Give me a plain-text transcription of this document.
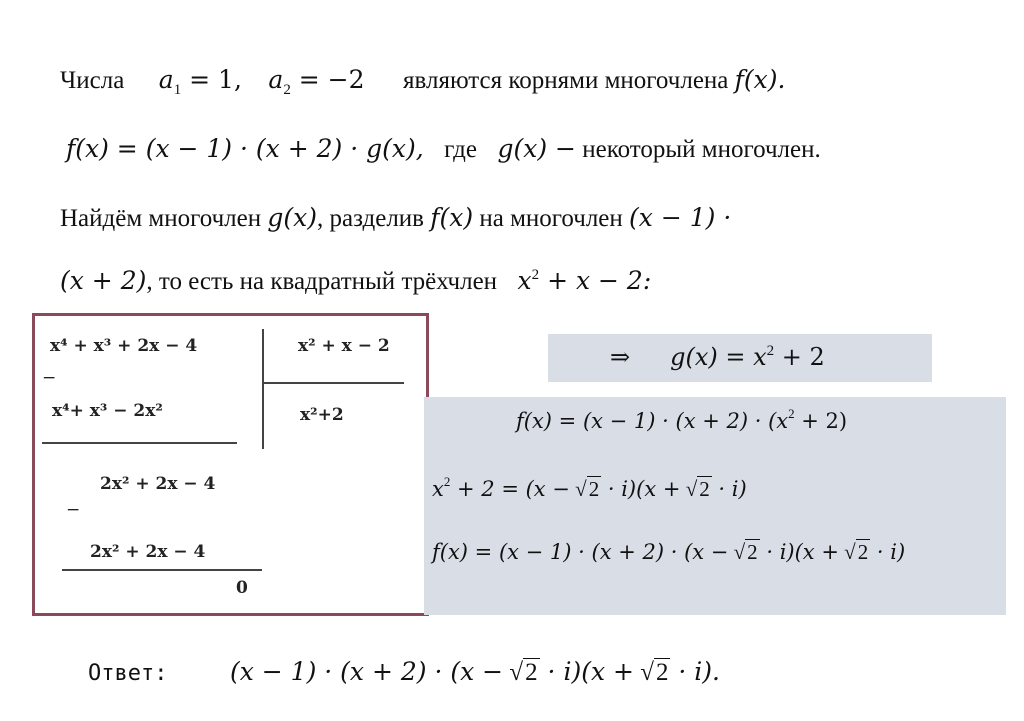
Числа $a_1 = 1$, $a_2 = -2$ являются корнями многочлена f(x).
f(x) = (x − 1) · (x + 2) · g(x), где g(x) − некоторый многочлен.
Найдём многочлен g(x), разделив f(x) на многочлен (x − 1) ·
(x + 2), то есть на квадратный трёхчлен $x^2 + x - 2$:
x⁴ + x³ + 2x − 4
−
x⁴+ x³ − 2x²
x² + x − 2
x²+2
2x² + 2x − 4
−
2x² + 2x − 4
0
⇒ $g(x) = x^2 + 2$
$f(x) = (x - 1) \cdot (x + 2) \cdot (x^2 + 2)$
$x^2 + 2 = (x - √2 \cdot i)(x + √2 \cdot i)$
f(x) = (x − 1) · (x + 2) · (x − √2 · i)(x + √2 · i)
Ответ:	(x − 1) · (x + 2) · (x − √2 · i)(x + √2 · i).
